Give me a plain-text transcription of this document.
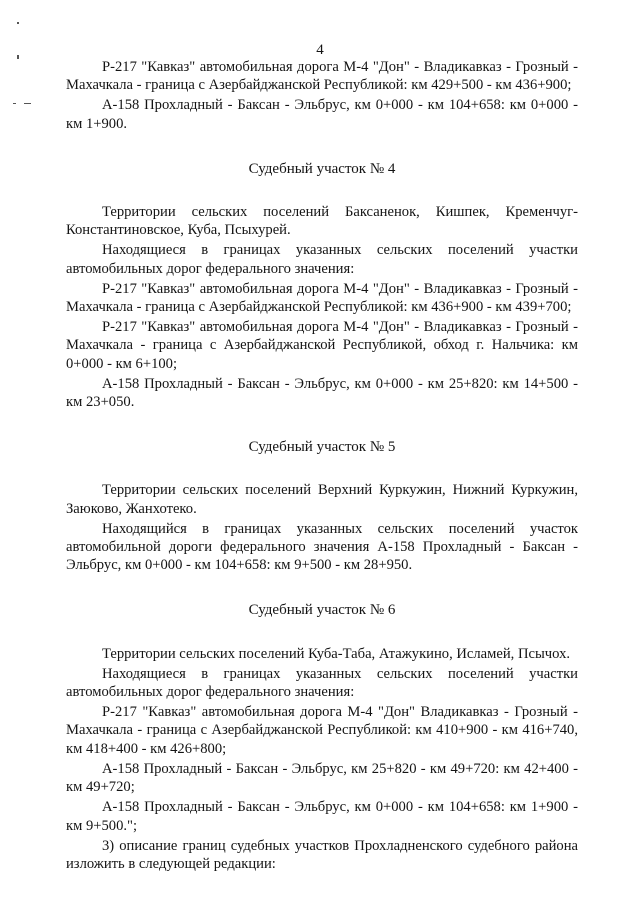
4

Р-217 "Кавказ" автомобильная дорога М-4 "Дон" - Владикавказ - Грозный - Махачкала - граница с Азербайджанской Республикой: км 429+500 - км 436+900;

А-158 Прохладный - Баксан - Эльбрус, км 0+000 - км 104+658: км 0+000 - км 1+900.

Судебный участок № 4

Территории сельских поселений Баксаненок, Кишпек, Кременчуг-Константиновское, Куба, Псыхурей.

Находящиеся в границах указанных сельских поселений участки автомобильных дорог федерального значения:

Р-217 "Кавказ" автомобильная дорога М-4 "Дон" - Владикавказ - Грозный - Махачкала - граница с Азербайджанской Республикой: км 436+900 - км 439+700;

Р-217 "Кавказ" автомобильная дорога М-4 "Дон" - Владикавказ - Грозный - Махачкала - граница с Азербайджанской Республикой, обход г. Нальчика: км 0+000 - км 6+100;

А-158 Прохладный - Баксан - Эльбрус, км 0+000 - км 25+820: км 14+500 - км 23+050.

Судебный участок № 5

Территории сельских поселений Верхний Куркужин, Нижний Куркужин, Заюково, Жанхотеко.

Находящийся в границах указанных сельских поселений участок автомобильной дороги федерального значения А-158 Прохладный - Баксан - Эльбрус, км 0+000 - км 104+658: км 9+500 - км 28+950.

Судебный участок № 6

Территории сельских поселений Куба-Таба, Атажукино, Исламей, Псычох.

Находящиеся в границах указанных сельских поселений участки автомобильных дорог федерального значения:

Р-217 "Кавказ" автомобильная дорога М-4 "Дон" Владикавказ - Грозный - Махачкала - граница с Азербайджанской Республикой: км 410+900 - км 416+740, км 418+400 - км 426+800;

А-158 Прохладный - Баксан - Эльбрус, км 25+820 - км 49+720: км 42+400 - км 49+720;

А-158 Прохладный - Баксан - Эльбрус, км 0+000 - км 104+658: км 1+900 - км 9+500.";

3) описание границ судебных участков Прохладненского судебного района изложить в следующей редакции:
